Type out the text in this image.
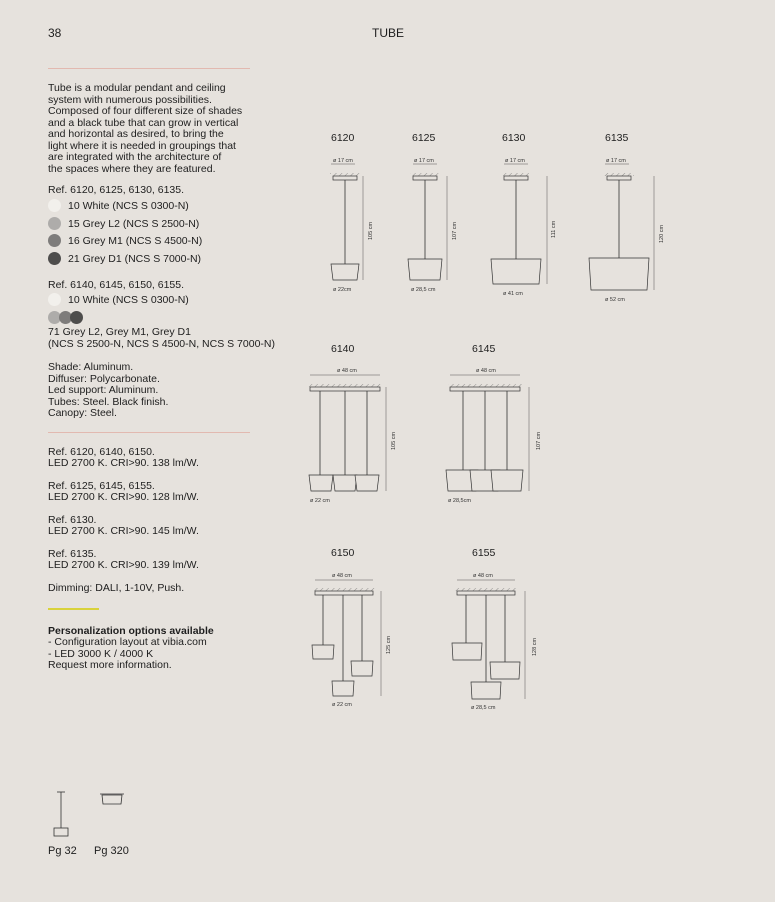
38	TUBE
Tube is a modular pendant and ceiling
system with numerous possibilities.
Composed of four different size of shades
and a black tube that can grow in vertical
and horizontal as desired, to bring the
light where it is needed in groupings that
are integrated with the architecture of
the spaces where they are featured.
Ref. 6120, 6125, 6130, 6135.
10 White (NCS S 0300-N)
15 Grey L2 (NCS S 2500-N)
16 Grey M1 (NCS S 4500-N)
21 Grey D1 (NCS S 7000-N)
Ref. 6140, 6145, 6150, 6155.
10 White (NCS S 0300-N)
71 Grey L2, Grey M1, Grey D1
(NCS S 2500-N, NCS S 4500-N, NCS S 7000-N)
Shade: Aluminum.
Diffuser: Polycarbonate.
Led support: Aluminum.
Tubes: Steel. Black finish.
Canopy: Steel.
Ref. 6120, 6140, 6150.
LED 2700 K. CRI>90. 138 lm/W.
Ref. 6125, 6145, 6155.
LED 2700 K. CRI>90. 128 lm/W.
Ref. 6130.
LED 2700 K. CRI>90. 145 lm/W.
Ref. 6135.
LED 2700 K. CRI>90. 139 lm/W.
Dimming: DALI, 1-10V, Push.
Personalization options available
- Configuration layout at vibia.com
- LED 3000 K / 4000 K
Request more information.
Pg 32 Pg 320
6120
ø 17 cm
105 cm
ø 22cm
6125
ø 17 cm
107 cm
ø 28,5 cm
6130
ø 17 cm
111 cm
ø 41 cm
6135
ø 17 cm
120 cm
ø 52 cm
6140
ø 48 cm
105 cm
ø 22 cm
6145
ø 48 cm
107 cm
ø 28,5cm
6150
ø 48 cm
125 cm
ø 22 cm
6155
ø 48 cm
128 cm
ø 28,5 cm
